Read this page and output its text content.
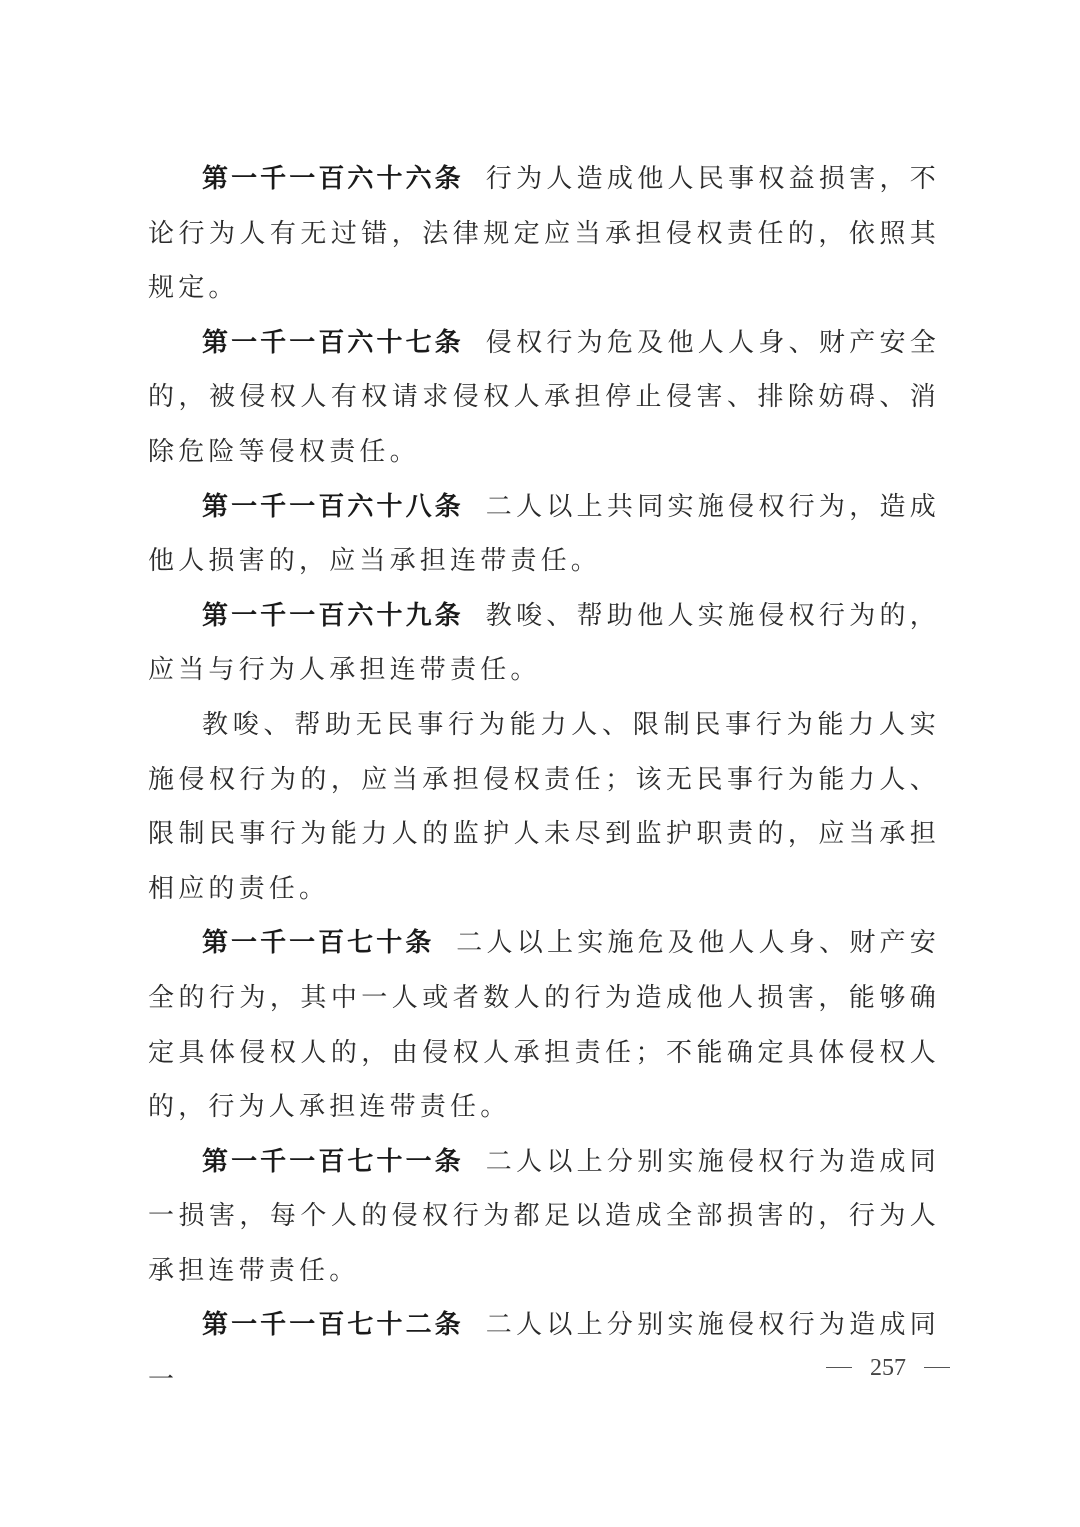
第一千一百六十六条 行为人造成他人民事权益损害，不论行为人有无过错，法律规定应当承担侵权责任的，依照其规定。

第一千一百六十七条 侵权行为危及他人人身、财产安全的，被侵权人有权请求侵权人承担停止侵害、排除妨碍、消除危险等侵权责任。

第一千一百六十八条 二人以上共同实施侵权行为，造成他人损害的，应当承担连带责任。

第一千一百六十九条 教唆、帮助他人实施侵权行为的，应当与行为人承担连带责任。

教唆、帮助无民事行为能力人、限制民事行为能力人实施侵权行为的，应当承担侵权责任；该无民事行为能力人、限制民事行为能力人的监护人未尽到监护职责的，应当承担相应的责任。

第一千一百七十条 二人以上实施危及他人人身、财产安全的行为，其中一人或者数人的行为造成他人损害，能够确定具体侵权人的，由侵权人承担责任；不能确定具体侵权人的，行为人承担连带责任。

第一千一百七十一条 二人以上分别实施侵权行为造成同一损害，每个人的侵权行为都足以造成全部损害的，行为人承担连带责任。

第一千一百七十二条 二人以上分别实施侵权行为造成同一	257
